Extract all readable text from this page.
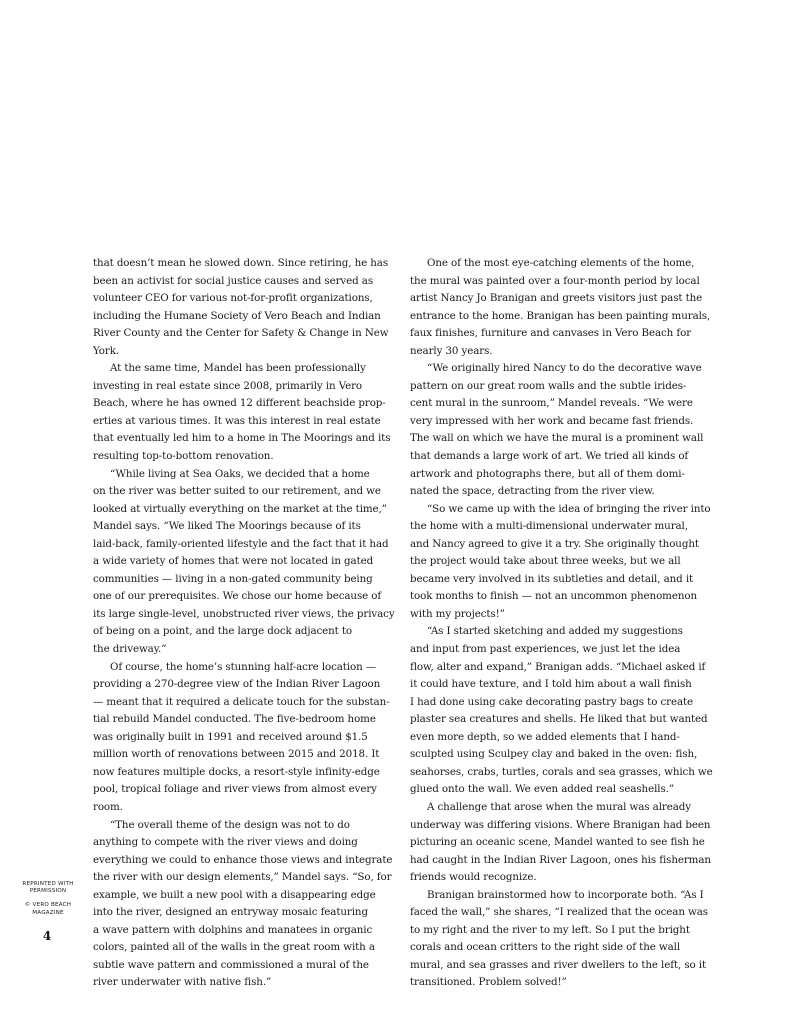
that doesn’t mean he slowed down. Since retiring, he has

been an activist for social justice causes and served as

volunteer CEO for various not-for-profit organizations,

including the Humane Society of Vero Beach and Indian

River County and the Center for Safety & Change in New

York.

At the same time, Mandel has been professionally

investing in real estate since 2008, primarily in Vero

Beach, where he has owned 12 different beachside prop-

erties at various times. It was this interest in real estate

that eventually led him to a home in The Moorings and its

resulting top-to-bottom renovation.

“While living at Sea Oaks, we decided that a home

on the river was better suited to our retirement, and we

looked at virtually everything on the market at the time,”

Mandel says. “We liked The Moorings because of its

laid-back, family-oriented lifestyle and the fact that it had

a wide variety of homes that were not located in gated

communities — living in a non-gated community being

one of our prerequisites. We chose our home because of

its large single-level, unobstructed river views, the privacy

of being on a point, and the large dock adjacent to

the driveway.”

Of course, the home’s stunning half-acre location —

providing a 270-degree view of the Indian River Lagoon

— meant that it required a delicate touch for the substan-

tial rebuild Mandel conducted. The five-bedroom home

was originally built in 1991 and received around $1.5

million worth of renovations between 2015 and 2018. It

now features multiple docks, a resort-style infinity-edge

pool, tropical foliage and river views from almost every

room.

“The overall theme of the design was not to do

anything to compete with the river views and doing

everything we could to enhance those views and integrate

the river with our design elements,” Mandel says. “So, for

example, we built a new pool with a disappearing edge

into the river, designed an entryway mosaic featuring

a wave pattern with dolphins and manatees in organic

colors, painted all of the walls in the great room with a

subtle wave pattern and commissioned a mural of the

river underwater with native fish.”

One of the most eye-catching elements of the home,

the mural was painted over a four-month period by local

artist Nancy Jo Branigan and greets visitors just past the

entrance to the home. Branigan has been painting murals,

faux finishes, furniture and canvases in Vero Beach for

nearly 30 years.

“We originally hired Nancy to do the decorative wave

pattern on our great room walls and the subtle irides-

cent mural in the sunroom,” Mandel reveals. “We were

very impressed with her work and became fast friends.

The wall on which we have the mural is a prominent wall

that demands a large work of art. We tried all kinds of

artwork and photographs there, but all of them domi-

nated the space, detracting from the river view.

“So we came up with the idea of bringing the river into

the home with a multi-dimensional underwater mural,

and Nancy agreed to give it a try. She originally thought

the project would take about three weeks, but we all

became very involved in its subtleties and detail, and it

took months to finish — not an uncommon phenomenon

with my projects!”

“As I started sketching and added my suggestions

and input from past experiences, we just let the idea

flow, alter and expand,” Branigan adds. “Michael asked if

it could have texture, and I told him about a wall finish

I had done using cake decorating pastry bags to create

plaster sea creatures and shells. He liked that but wanted

even more depth, so we added elements that I hand-

sculpted using Sculpey clay and baked in the oven: fish,

seahorses, crabs, turtles, corals and sea grasses, which we

glued onto the wall. We even added real seashells.”

A challenge that arose when the mural was already

underway was differing visions. Where Branigan had been

picturing an oceanic scene, Mandel wanted to see fish he

had caught in the Indian River Lagoon, ones his fisherman

friends would recognize.

Branigan brainstormed how to incorporate both. “As I

faced the wall,” she shares, “I realized that the ocean was

to my right and the river to my left. So I put the bright

corals and ocean critters to the right side of the wall

mural, and sea grasses and river dwellers to the left, so it

transitioned. Problem solved!”

REPRINTED WITH

PERMISSION

© VERO BEACH

MAGAZINE

4
